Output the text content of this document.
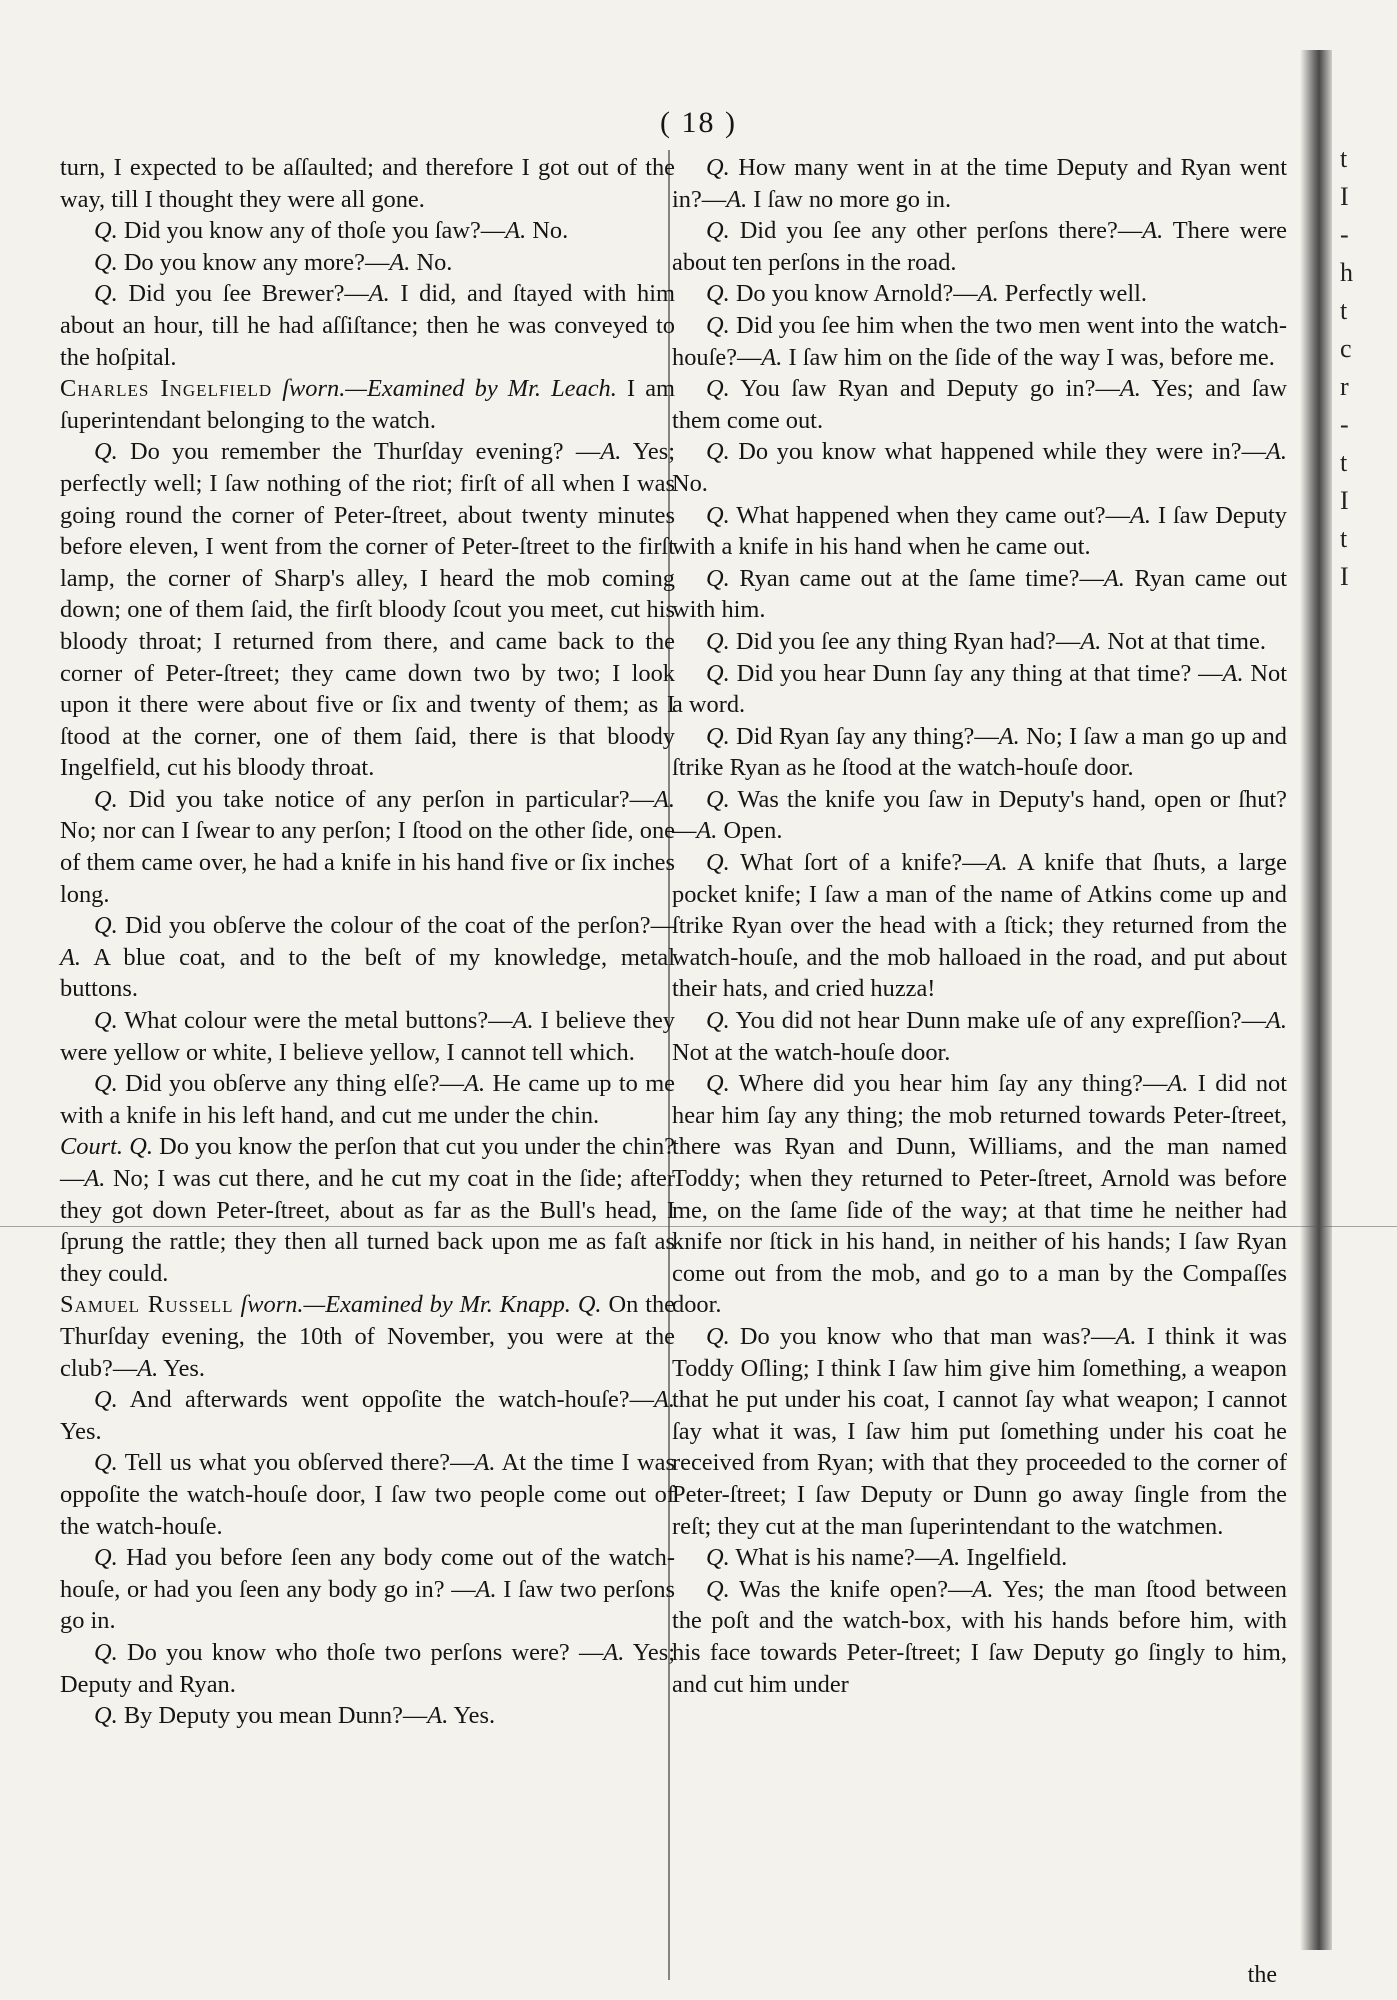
( 18 )

turn, I expected to be aſſaulted; and therefore I got out of the way, till I thought they were all gone.

Q. Did you know any of thoſe you ſaw?—A. No.

Q. Do you know any more?—A. No.

Q. Did you ſee Brewer?—A. I did, and ſtayed with him about an hour, till he had aſſiſtance; then he was conveyed to the hoſpital.

Charles Ingelfield ſworn.—Examined by Mr. Leach. I am ſuperintendant belonging to the watch.

Q. Do you remember the Thurſday evening? —A. Yes; perfectly well; I ſaw nothing of the riot; firſt of all when I was going round the corner of Peter-ſtreet, about twenty minutes before eleven, I went from the corner of Peter-ſtreet to the firſt lamp, the corner of Sharp's alley, I heard the mob coming down; one of them ſaid, the firſt bloody ſcout you meet, cut his bloody throat; I returned from there, and came back to the corner of Peter-ſtreet; they came down two by two; I look upon it there were about five or ſix and twenty of them; as I ſtood at the corner, one of them ſaid, there is that bloody Ingelfield, cut his bloody throat.

Q. Did you take notice of any perſon in particular?—A. No; nor can I ſwear to any perſon; I ſtood on the other ſide, one of them came over, he had a knife in his hand five or ſix inches long.

Q. Did you obſerve the colour of the coat of the perſon?—A. A blue coat, and to the beſt of my knowledge, metal buttons.

Q. What colour were the metal buttons?—A. I believe they were yellow or white, I believe yellow, I cannot tell which.

Q. Did you obſerve any thing elſe?—A. He came up to me with a knife in his left hand, and cut me under the chin.

Court. Q. Do you know the perſon that cut you under the chin?—A. No; I was cut there, and he cut my coat in the ſide; after they got down Peter-ſtreet, about as far as the Bull's head, I ſprung the rattle; they then all turned back upon me as faſt as they could.

Samuel Russell ſworn.—Examined by Mr. Knapp. Q. On the Thurſday evening, the 10th of November, you were at the club?—A. Yes.

Q. And afterwards went oppoſite the watch-houſe?—A. Yes.

Q. Tell us what you obſerved there?—A. At the time I was oppoſite the watch-houſe door, I ſaw two people come out of the watch-houſe.

Q. Had you before ſeen any body come out of the watch-houſe, or had you ſeen any body go in? —A. I ſaw two perſons go in.

Q. Do you know who thoſe two perſons were? —A. Yes; Deputy and Ryan.

Q. By Deputy you mean Dunn?—A. Yes.

Q. How many went in at the time Deputy and Ryan went in?—A. I ſaw no more go in.

Q. Did you ſee any other perſons there?—A. There were about ten perſons in the road.

Q. Do you know Arnold?—A. Perfectly well.

Q. Did you ſee him when the two men went into the watch-houſe?—A. I ſaw him on the ſide of the way I was, before me.

Q. You ſaw Ryan and Deputy go in?—A. Yes; and ſaw them come out.

Q. Do you know what happened while they were in?—A. No.

Q. What happened when they came out?—A. I ſaw Deputy with a knife in his hand when he came out.

Q. Ryan came out at the ſame time?—A. Ryan came out with him.

Q. Did you ſee any thing Ryan had?—A. Not at that time.

Q. Did you hear Dunn ſay any thing at that time? —A. Not a word.

Q. Did Ryan ſay any thing?—A. No; I ſaw a man go up and ſtrike Ryan as he ſtood at the watch-houſe door.

Q. Was the knife you ſaw in Deputy's hand, open or ſhut?—A. Open.

Q. What ſort of a knife?—A. A knife that ſhuts, a large pocket knife; I ſaw a man of the name of Atkins come up and ſtrike Ryan over the head with a ſtick; they returned from the watch-houſe, and the mob halloaed in the road, and put about their hats, and cried huzza!

Q. You did not hear Dunn make uſe of any expreſſion?—A. Not at the watch-houſe door.

Q. Where did you hear him ſay any thing?—A. I did not hear him ſay any thing; the mob returned towards Peter-ſtreet, there was Ryan and Dunn, Williams, and the man named Toddy; when they returned to Peter-ſtreet, Arnold was before me, on the ſame ſide of the way; at that time he neither had knife nor ſtick in his hand, in neither of his hands; I ſaw Ryan come out from the mob, and go to a man by the Compaſſes door.

Q. Do you know who that man was?—A. I think it was Toddy Oſling; I think I ſaw him give him ſomething, a weapon that he put under his coat, I cannot ſay what weapon; I cannot ſay what it was, I ſaw him put ſomething under his coat he received from Ryan; with that they proceeded to the corner of Peter-ſtreet; I ſaw Deputy or Dunn go away ſingle from the reſt; they cut at the man ſuperintendant to the watchmen.

Q. What is his name?—A. Ingelfield.

Q. Was the knife open?—A. Yes; the man ſtood between the poſt and the watch-box, with his hands before him, with his face towards Peter-ſtreet; I ſaw Deputy go ſingly to him, and cut him under

the
t
I
-
h
t
c
r
-
t
I
t
I
